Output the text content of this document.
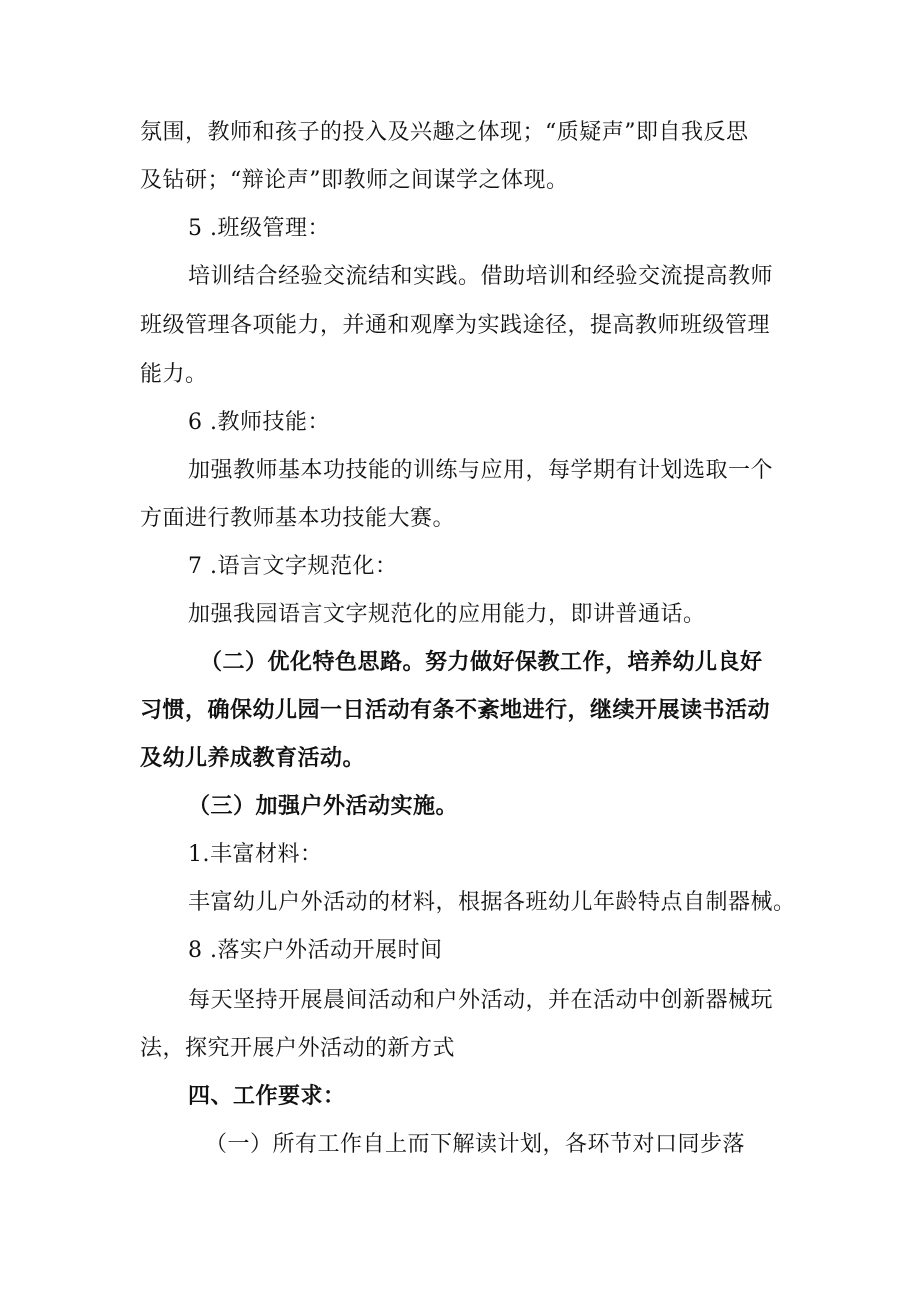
氛围，教师和孩子的投入及兴趣之体现；“质疑声”即自我反思
及钻研；“辩论声”即教师之间谋学之体现。
5 .班级管理：
培训结合经验交流结和实践。借助培训和经验交流提高教师
班级管理各项能力，并通和观摩为实践途径，提高教师班级管理
能力。
6 .教师技能：
加强教师基本功技能的训练与应用，每学期有计划选取一个
方面进行教师基本功技能大赛。
7 .语言文字规范化：
加强我园语言文字规范化的应用能力，即讲普通话。
（二）优化特色思路。努力做好保教工作，培养幼儿良好
习惯，确保幼儿园一日活动有条不紊地进行，继续开展读书活动
及幼儿养成教育活动。
（三）加强户外活动实施。
1.丰富材料：
丰富幼儿户外活动的材料，根据各班幼儿年龄特点自制器械。
8 .落实户外活动开展时间
每天坚持开展晨间活动和户外活动，并在活动中创新器械玩
法，探究开展户外活动的新方式
四、工作要求：
（一）所有工作自上而下解读计划，各环节对口同步落
